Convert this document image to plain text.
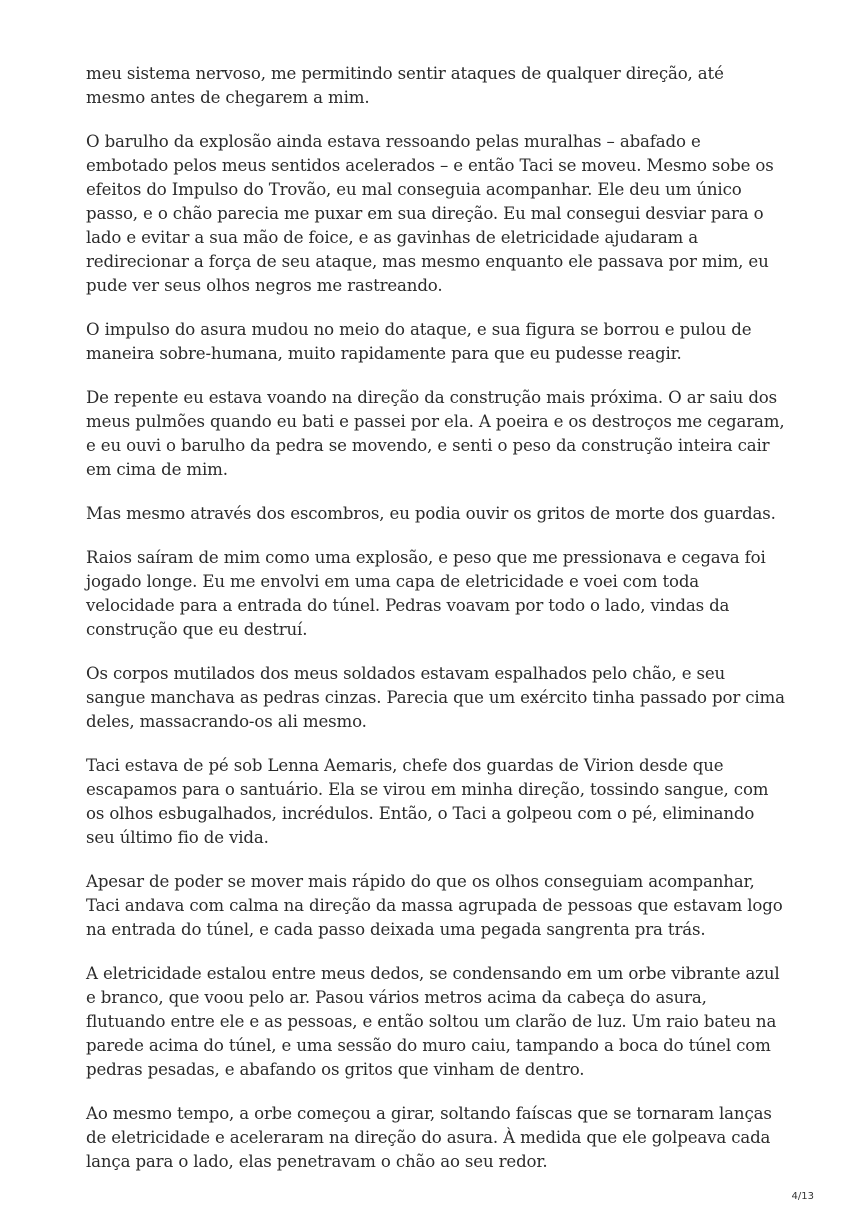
meu sistema nervoso, me permitindo sentir ataques de qualquer direção, até mesmo antes de chegarem a mim.

O barulho da explosão ainda estava ressoando pelas muralhas – abafado e embotado pelos meus sentidos acelerados – e então Taci se moveu. Mesmo sobe os efeitos do Impulso do Trovão, eu mal conseguia acompanhar. Ele deu um único passo, e o chão parecia me puxar em sua direção. Eu mal consegui desviar para o lado e evitar a sua mão de foice, e as gavinhas de eletricidade ajudaram a redirecionar a força de seu ataque, mas mesmo enquanto ele passava por mim, eu pude ver seus olhos negros me rastreando.

O impulso do asura mudou no meio do ataque, e sua figura se borrou e pulou de maneira sobre-humana, muito rapidamente para que eu pudesse reagir.

De repente eu estava voando na direção da construção mais próxima. O ar saiu dos meus pulmões quando eu bati e passei por ela. A poeira e os destroços me cegaram, e eu ouvi o barulho da pedra se movendo, e senti o peso da construção inteira cair em cima de mim.

Mas mesmo através dos escombros, eu podia ouvir os gritos de morte dos guardas.

Raios saíram de mim como uma explosão, e peso que me pressionava e cegava foi jogado longe. Eu me envolvi em uma capa de eletricidade e voei com toda velocidade para a entrada do túnel. Pedras voavam por todo o lado, vindas da construção que eu destruí.

Os corpos mutilados dos meus soldados estavam espalhados pelo chão, e seu sangue manchava as pedras cinzas. Parecia que um exército tinha passado por cima deles, massacrando-os ali mesmo.

Taci estava de pé sob Lenna Aemaris, chefe dos guardas de Virion desde que escapamos para o santuário. Ela se virou em minha direção, tossindo sangue, com os olhos esbugalhados, incrédulos. Então, o Taci a golpeou com o pé, eliminando seu último fio de vida.

Apesar de poder se mover mais rápido do que os olhos conseguiam acompanhar, Taci andava com calma na direção da massa agrupada de pessoas que estavam logo na entrada do túnel, e cada passo deixada uma pegada sangrenta pra trás.

A eletricidade estalou entre meus dedos, se condensando em um orbe vibrante azul e branco, que voou pelo ar. Pasou vários metros acima da cabeça do asura, flutuando entre ele e as pessoas, e então soltou um clarão de luz. Um raio bateu na parede acima do túnel, e uma sessão do muro caiu, tampando a boca do túnel com pedras pesadas, e abafando os gritos que vinham de dentro.

Ao mesmo tempo, a orbe começou a girar, soltando faíscas que se tornaram lanças de eletricidade e aceleraram na direção do asura. À medida que ele golpeava cada lança para o lado, elas penetravam o chão ao seu redor.

4/13
